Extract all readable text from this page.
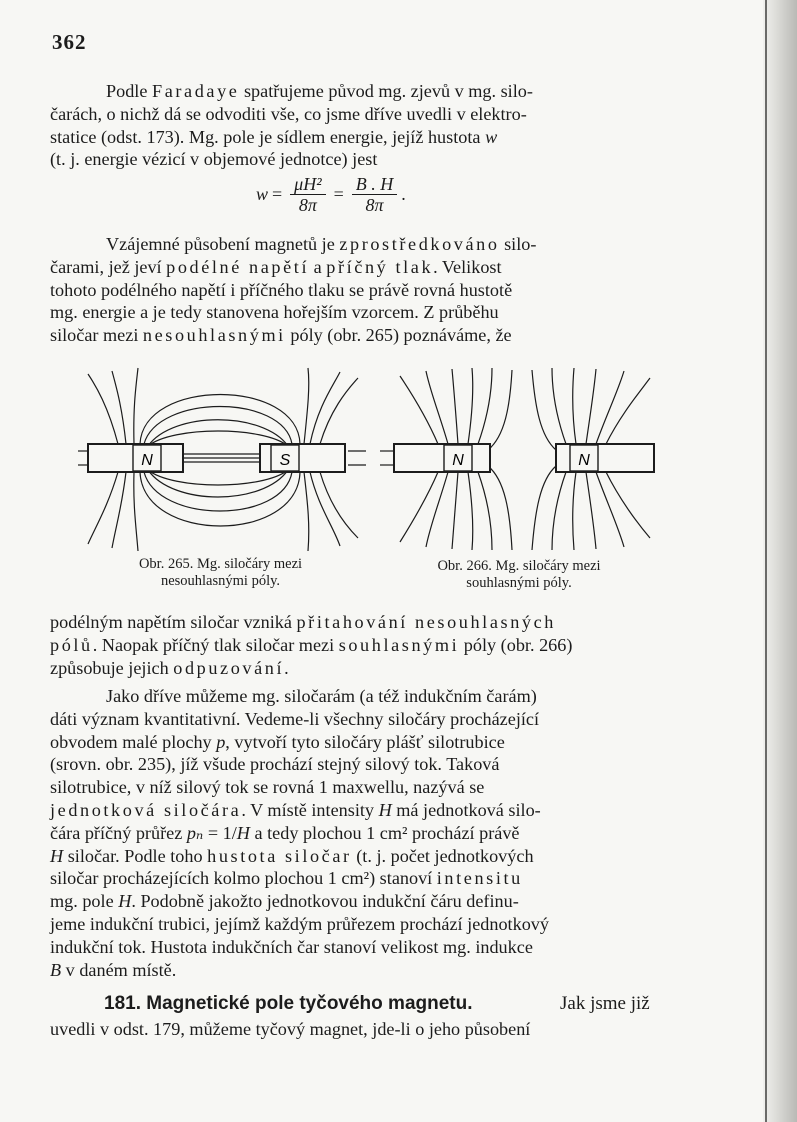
362
Podle Faradaye spatřujeme původ mg. zjevů v mg. silo-
čarách, o nichž dá se odvoditi vše, co jsme dříve uvedli v elektro-
statice (odst. 173). Mg. pole je sídlem energie, jejíž hustota w
(t. j. energie vézicí v objemové jednotce) jest
$w = \frac{\text{μH²}}{8\pi} = \frac{B . H}{8\pi}$ .
Vzájemné působení magnetů je zprostředkováno silo-
čarami, jež jeví podélné napětí a příčný tlak. Velikost
tohoto podélného napětí i příčného tlaku se právě rovná hustotě
mg. energie a je tedy stanovena hořejším vzorcem. Z průběhu
siločar mezi nesouhlasnými póly (obr. 265) poznáváme, že
N	S	N	N
Obr. 265. Mg. siločáry mezi
nesouhlasnými póly.
Obr. 266. Mg. siločáry mezi
souhlasnými póly.
podélným napětím siločar vzniká přitahování nesouhlasných
pólů. Naopak příčný tlak siločar mezi souhlasnými póly (obr. 266)
způsobuje jejich odpuzování.
Jako dříve můžeme mg. siločarám (a též indukčním čarám)
dáti význam kvantitativní. Vedeme-li všechny siločáry procházející
obvodem malé plochy p, vytvoří tyto siločáry plášť silotrubice
(srovn. obr. 235), jíž všude prochází stejný silový tok. Taková
silotrubice, v níž silový tok se rovná 1 maxwellu, nazývá se
jednotková siločára. V místě intensity H má jednotková silo-
čára příčný průřez pₙ = 1/H a tedy plochou 1 cm² prochází právě
H siločar. Podle toho hustota siločar (t. j. počet jednotkových
siločar procházejících kolmo plochou 1 cm²) stanoví intensitu
mg. pole H. Podobně jakožto jednotkovou indukční čáru definu-
jeme indukční trubici, jejímž každým průřezem prochází jednotkový
indukční tok. Hustota indukčních čar stanoví velikost mg. indukce
B v daném místě.
181. Magnetické pole tyčového magnetu.	Jak jsme již
uvedli v odst. 179, můžeme tyčový magnet, jde-li o jeho působení
